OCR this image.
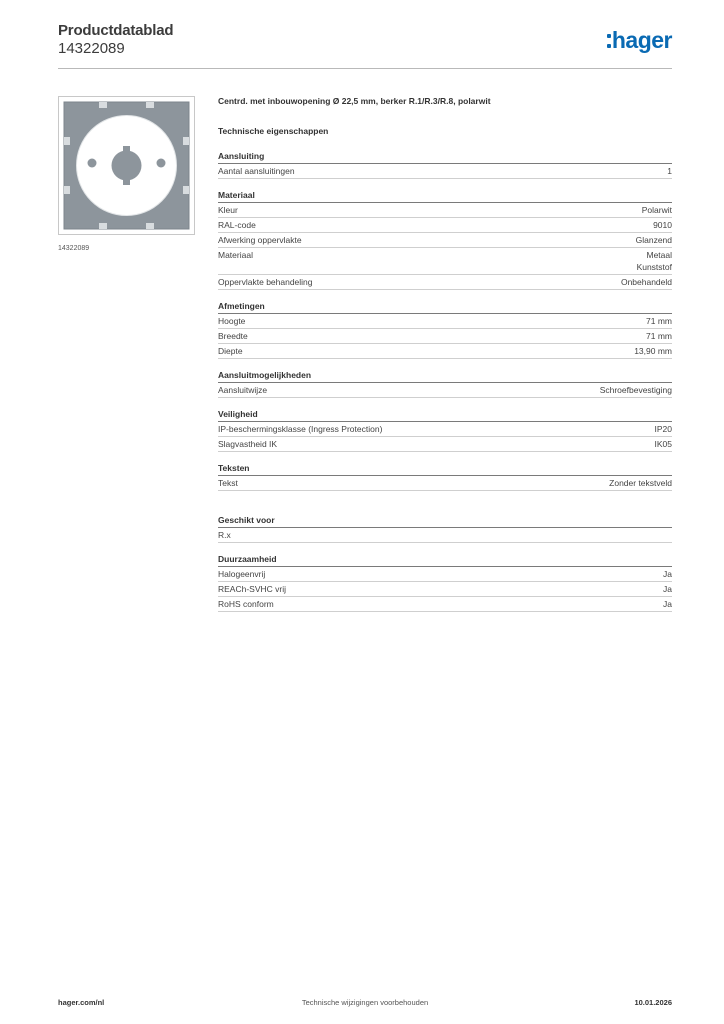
Productdatablad
14322089	hager
14322089
Centrd. met inbouwopening Ø 22,5 mm, berker R.1/R.3/R.8, polarwit
Technische eigenschappen
Aansluiting
Aantal aansluitingen	1
Materiaal
Kleur	Polarwit
RAL-code	9010
Afwerking oppervlakte	Glanzend
Materiaal	Metaal
Kunststof
Oppervlakte behandeling	Onbehandeld
Afmetingen
Hoogte	71 mm
Breedte	71 mm
Diepte	13,90 mm
Aansluitmogelijkheden
Aansluitwijze	Schroefbevestiging
Veiligheid
IP-beschermingsklasse (Ingress Protection)	IP20
Slagvastheid IK	IK05
Teksten
Tekst	Zonder tekstveld
Geschikt voor
R.x
Duurzaamheid
Halogeenvrij	Ja
REACh-SVHC vrij	Ja
RoHS conform	Ja
hager.com/nl	Technische wijzigingen voorbehouden	10.01.2026
